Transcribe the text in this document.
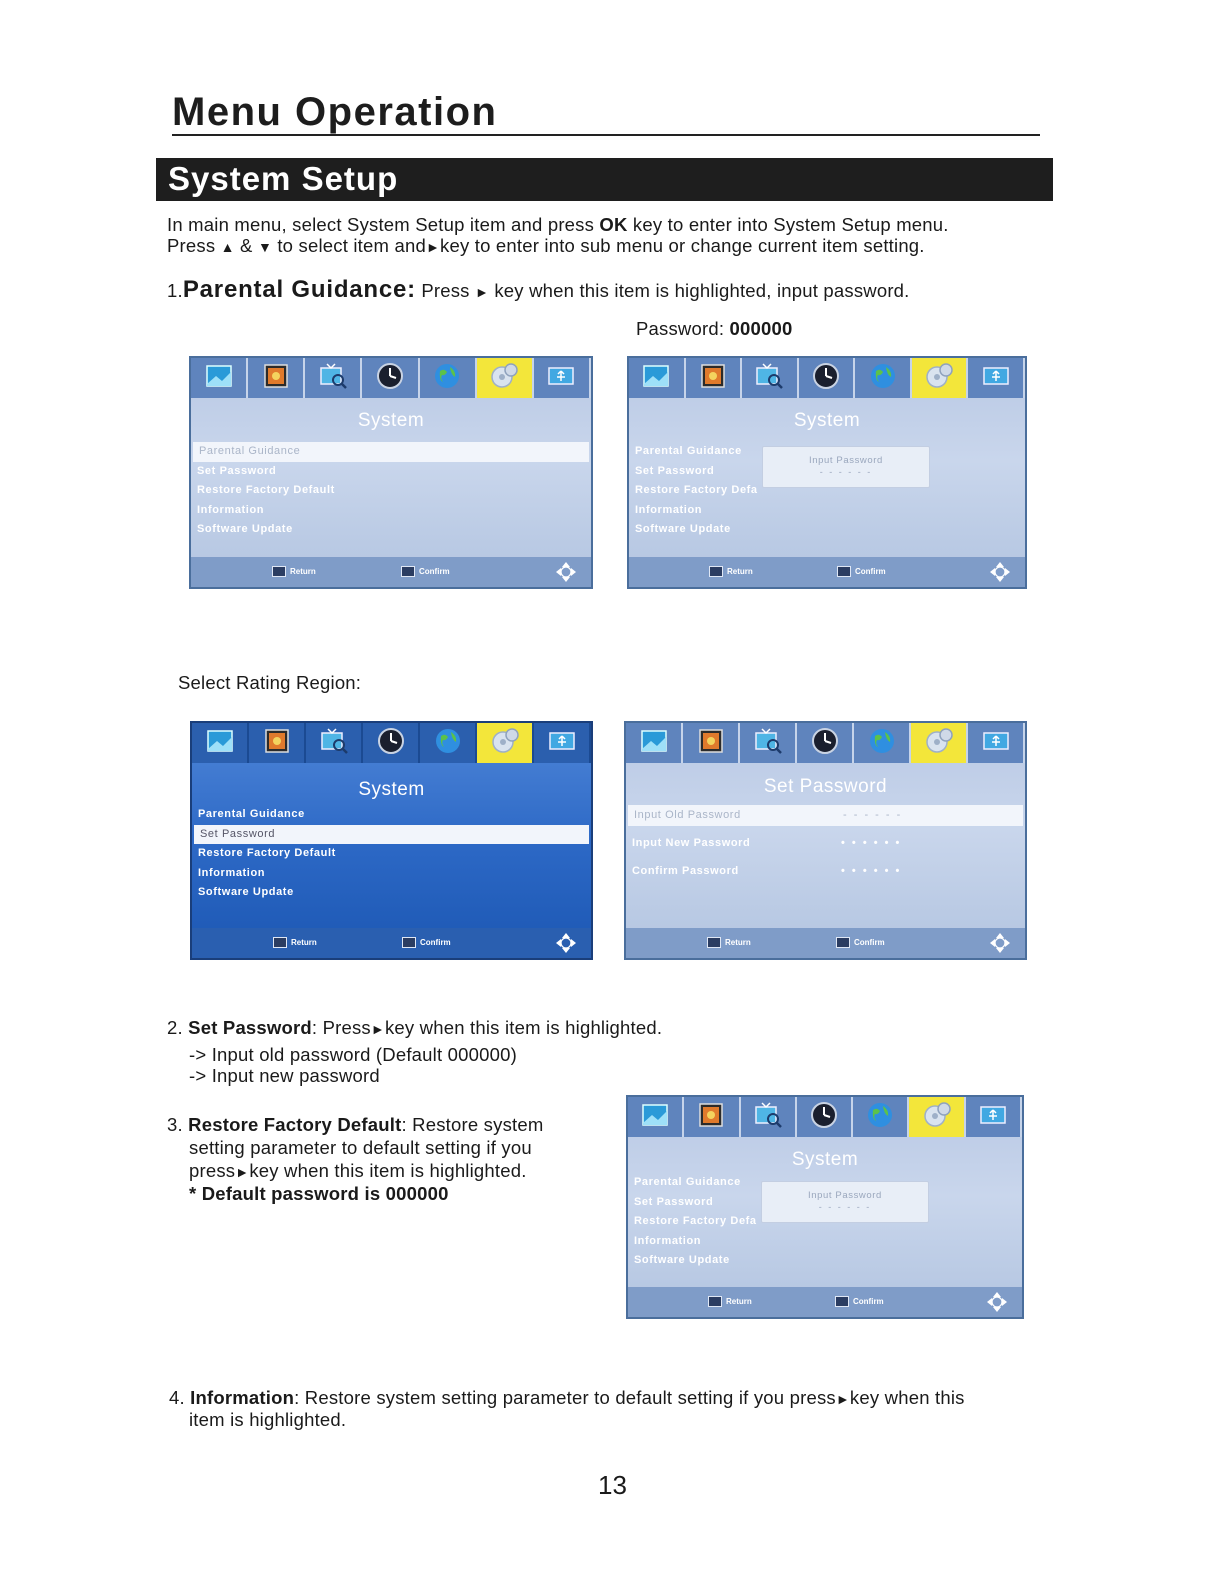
Menu Operation
System Setup
In main menu, select System Setup item and press OK key to enter into System Setup menu.
Press ▲ & ▼ to select item and►key to enter into sub menu or change current item setting.
1.Parental Guidance: Press ► key when this item is highlighted, input password.
Password: 000000
System
Parental Guidance
Set Password
Restore Factory Default
Information
Software Update
Return	Confirm
System
Parental Guidance
Set Password
Restore Factory Defa
Information
Software Update
Input Password
- - - - - -
Return	Confirm
Select Rating Region:
System
Parental Guidance
Set Password
Restore Factory Default
Information
Software Update
Return	Confirm
Set Password
Input Old Password	- - - - - -
Input New Password	• • • • • •
Confirm Password	• • • • • •
Return	Confirm
2. Set Password: Press►key when this item is highlighted.
-> Input old password (Default 000000)
-> Input new password
3. Restore Factory Default: Restore system
setting parameter to default setting if you
press►key when this item is highlighted.
* Default password is 000000
System
Parental Guidance
Set Password
Restore Factory Defa
Information
Software Update
Input Password
- - - - - -
Return	Confirm
4. Information: Restore system setting parameter to default setting if you press►key when this
item is highlighted.
13
